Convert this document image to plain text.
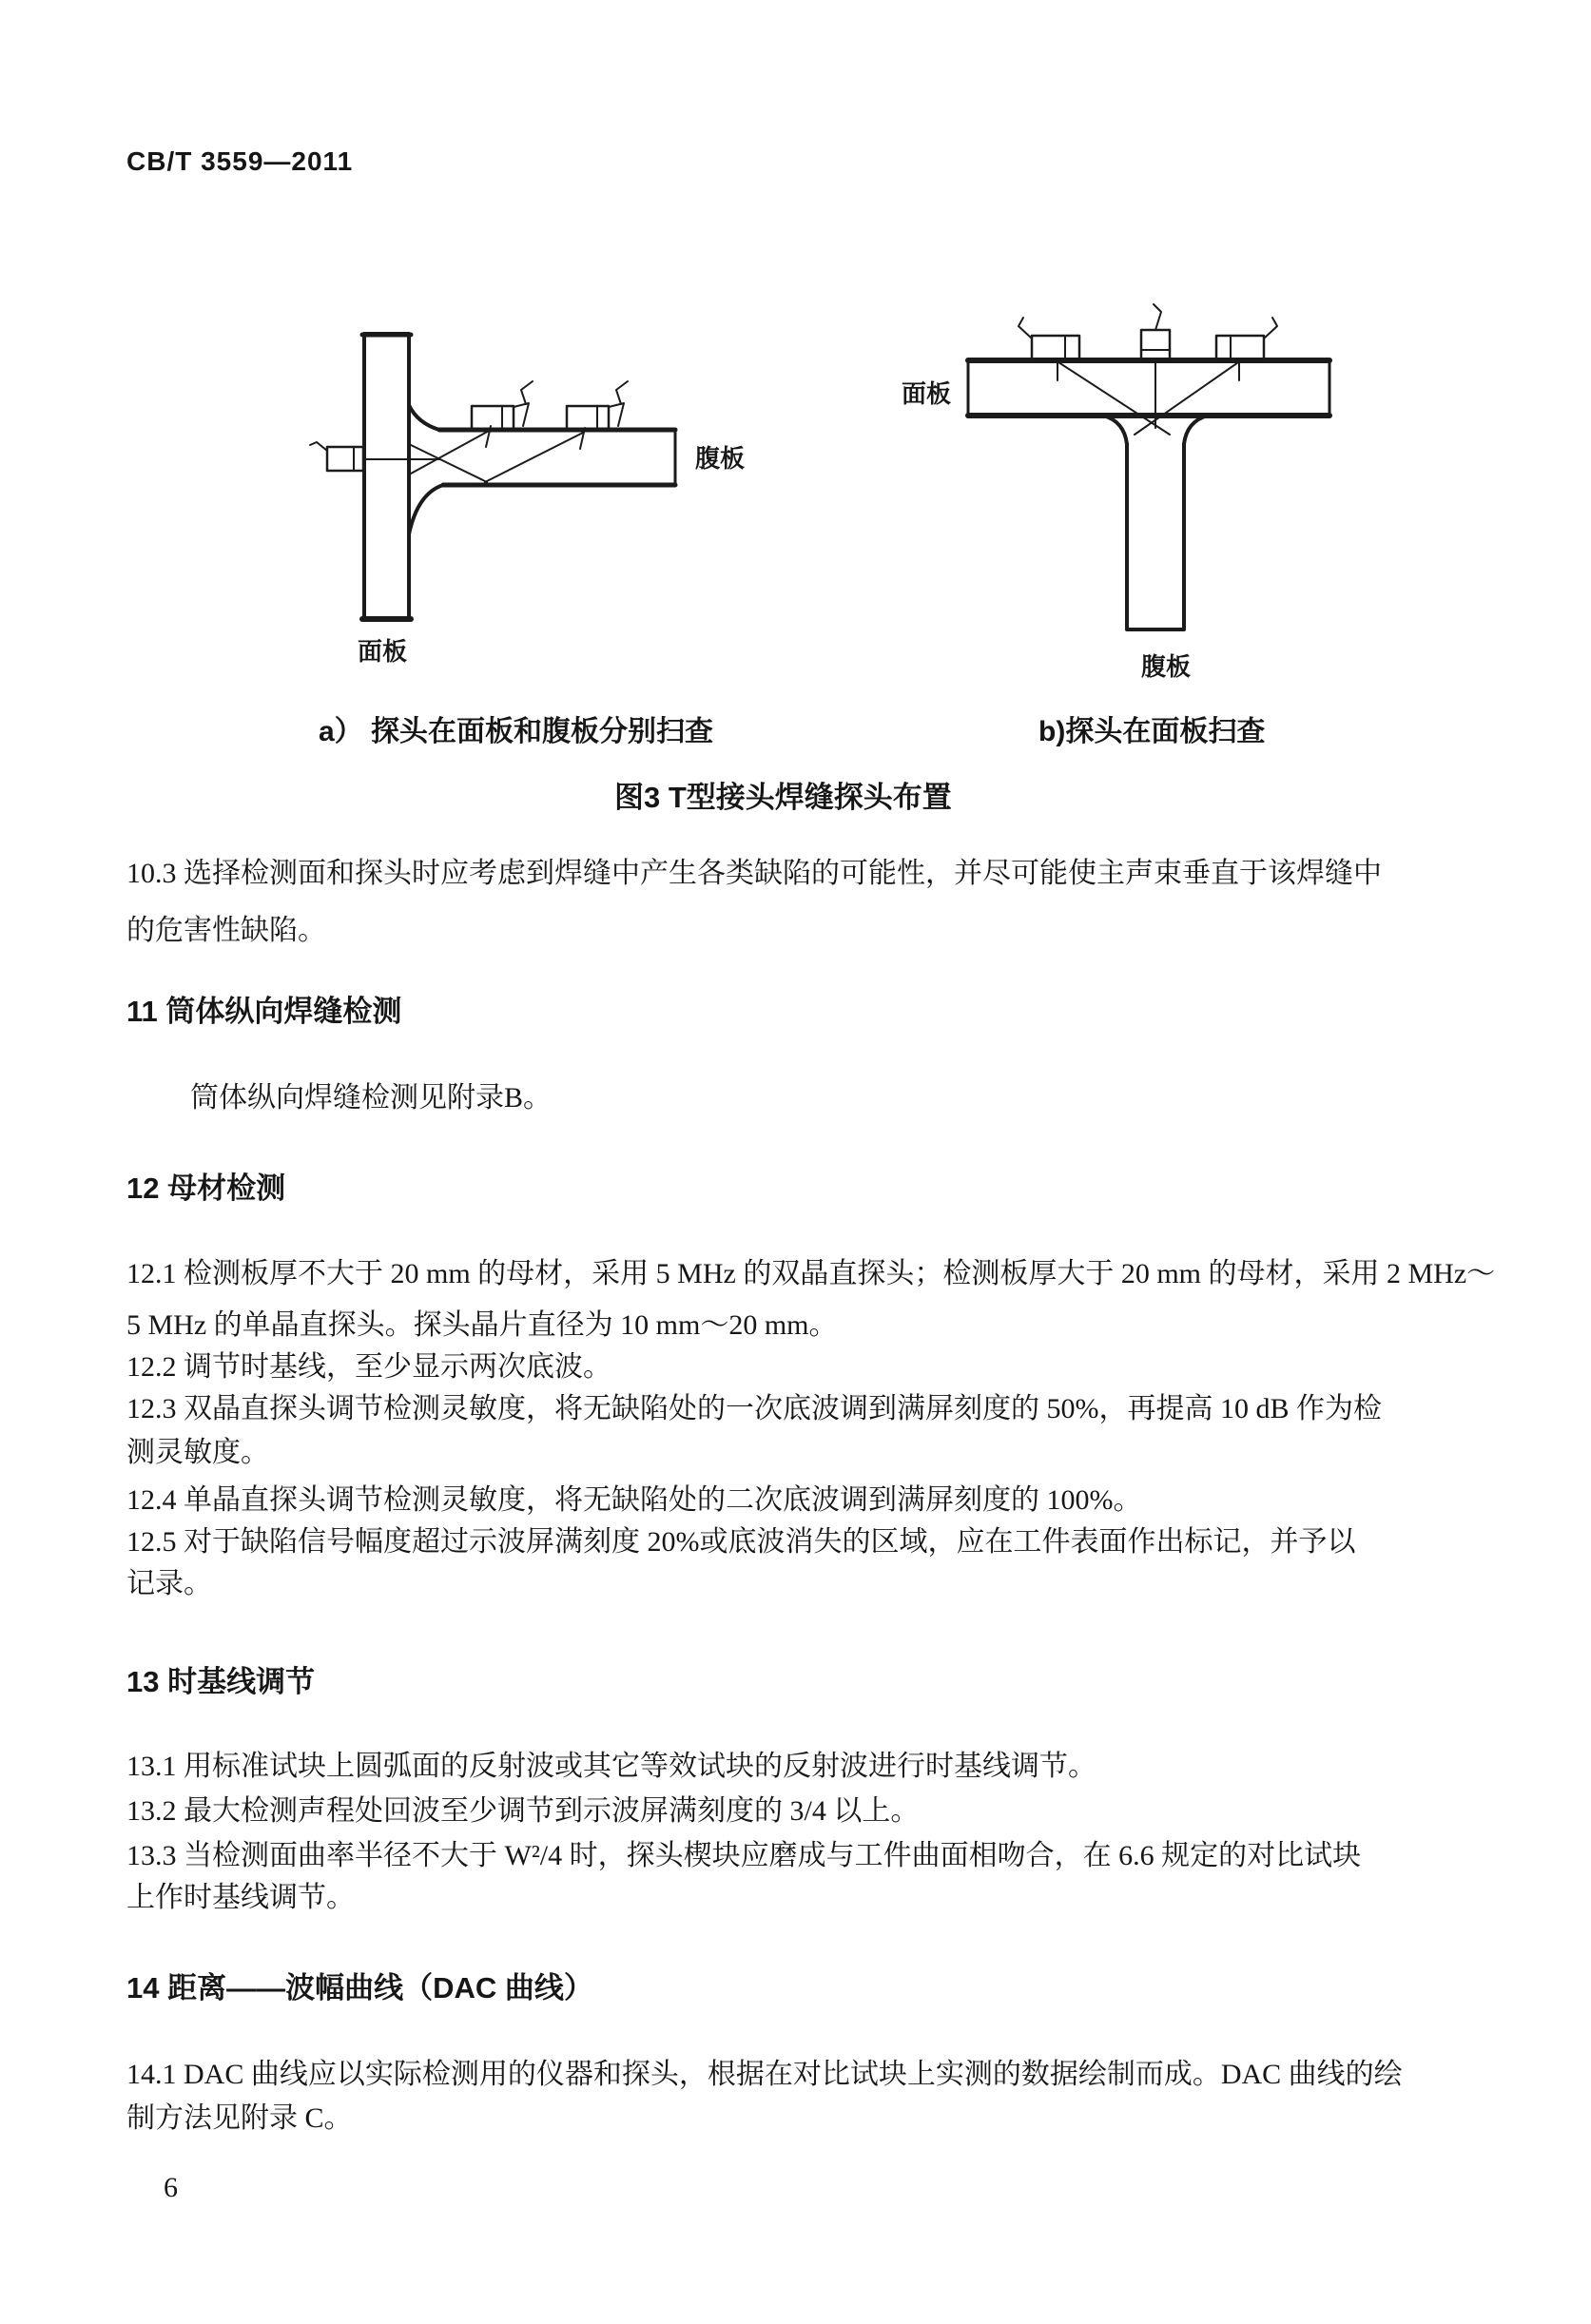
CB/T 3559—2011
腹板
面板
面板
腹板
a） 探头在面板和腹板分别扫查	b)探头在面板扫查
图3 T型接头焊缝探头布置
10.3 选择检测面和探头时应考虑到焊缝中产生各类缺陷的可能性，并尽可能使主声束垂直于该焊缝中
的危害性缺陷。
11 筒体纵向焊缝检测
筒体纵向焊缝检测见附录B。
12 母材检测
12.1 检测板厚不大于 20 mm 的母材，采用 5 MHz 的双晶直探头；检测板厚大于 20 mm 的母材，采用 2 MHz～
5 MHz 的单晶直探头。探头晶片直径为 10 mm～20 mm。
12.2 调节时基线，至少显示两次底波。
12.3 双晶直探头调节检测灵敏度，将无缺陷处的一次底波调到满屏刻度的 50%，再提高 10 dB 作为检
测灵敏度。
12.4 单晶直探头调节检测灵敏度，将无缺陷处的二次底波调到满屏刻度的 100%。
12.5 对于缺陷信号幅度超过示波屏满刻度 20%或底波消失的区域，应在工件表面作出标记，并予以
记录。
13 时基线调节
13.1 用标准试块上圆弧面的反射波或其它等效试块的反射波进行时基线调节。
13.2 最大检测声程处回波至少调节到示波屏满刻度的 3/4 以上。
13.3 当检测面曲率半径不大于 W²/4 时，探头楔块应磨成与工件曲面相吻合，在 6.6 规定的对比试块
上作时基线调节。
14 距离——波幅曲线（DAC 曲线）
14.1 DAC 曲线应以实际检测用的仪器和探头，根据在对比试块上实测的数据绘制而成。DAC 曲线的绘
制方法见附录 C。
6
